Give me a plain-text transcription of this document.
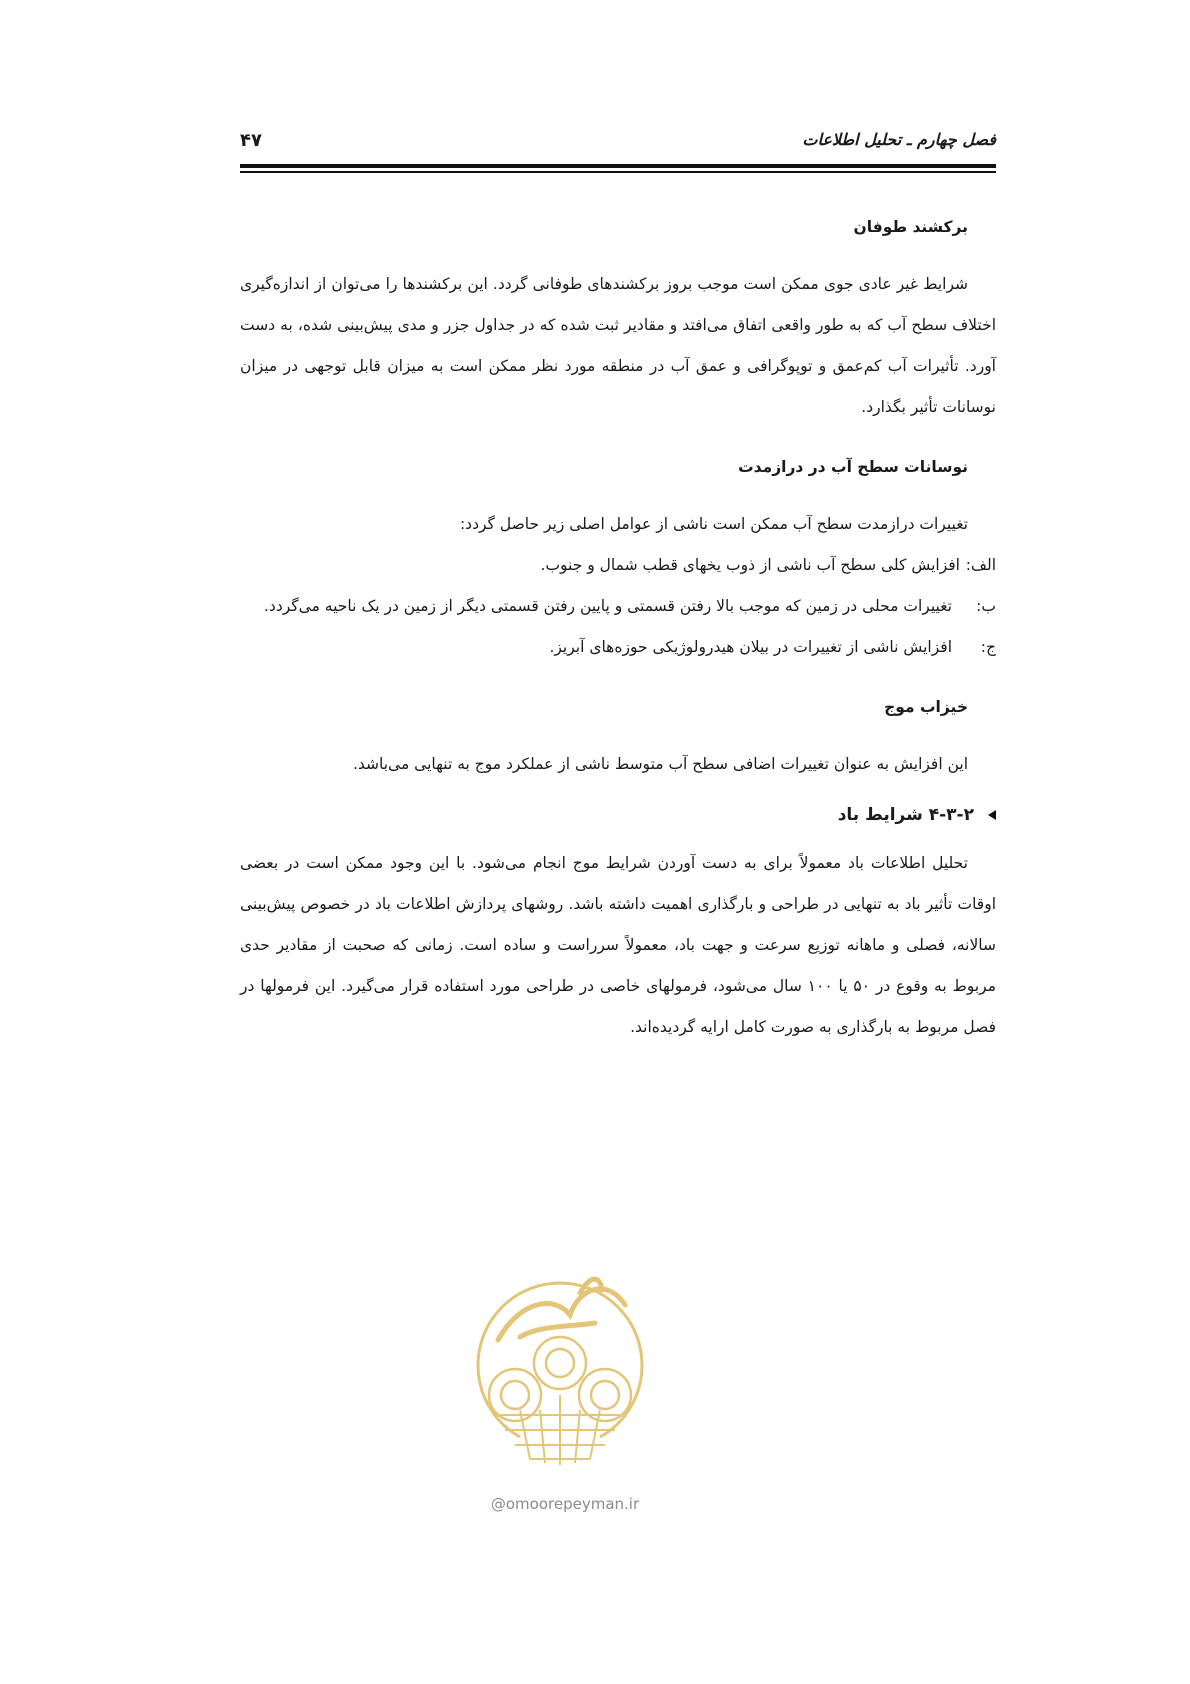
فصل چهارم ـ تحلیل اطلاعات
۴۷
برکشند طوفان

شرایط غیر عادی جوی ممکن است موجب بروز برکشندهای طوفانی گردد. این برکشندها را می‌توان از اندازه‌گیری اختلاف سطح آب که به طور واقعی اتفاق می‌افتد و مقادیر ثبت شده که در جداول جزر و مدی پیش‌بینی شده، به دست آورد. تأثیرات آب کم‌عمق و توپوگرافی و عمق آب در منطقه مورد نظر ممکن است به میزان قابل توجهی در میزان نوسانات تأثیر بگذارد.

نوسانات سطح آب در درازمدت

تغییرات درازمدت سطح آب ممکن است ناشی از عوامل اصلی زیر حاصل گردد:

الف:
افزایش کلی سطح آب ناشی از ذوب یخهای قطب شمال و جنوب.
ب:
تغییرات محلی در زمین که موجب بالا رفتن قسمتی و پایین رفتن قسمتی دیگر از زمین در یک ناحیه می‌گردد.
ج:
افزایش ناشی از تغییرات در بیلان هیدرولوژیکی حوزه‌های آبریز.
خیزاب موج

این افزایش به عنوان تغییرات اضافی سطح آب متوسط ناشی از عملکرد موج به تنهایی می‌باشد.

۴-۳-۲ شرایط باد

تحلیل اطلاعات باد معمولاً برای به دست آوردن شرایط موج انجام می‌شود. با این وجود ممکن است در بعضی اوقات تأثیر باد به تنهایی در طراحی و بارگذاری اهمیت داشته باشد. روشهای پردازش اطلاعات باد در خصوص پیش‌بینی سالانه، فصلی و ماهانه توزیع سرعت و جهت باد، معمولاً سرراست و ساده است. زمانی که صحبت از مقادیر حدی مربوط به وقوع در ۵۰ یا ۱۰۰ سال می‌شود، فرمولهای خاصی در طراحی مورد استفاده قرار می‌گیرد. این فرمولها در فصل مربوط به بارگذاری به صورت کامل ارایه گردیده‌اند.

@omoorepeyman.ir
